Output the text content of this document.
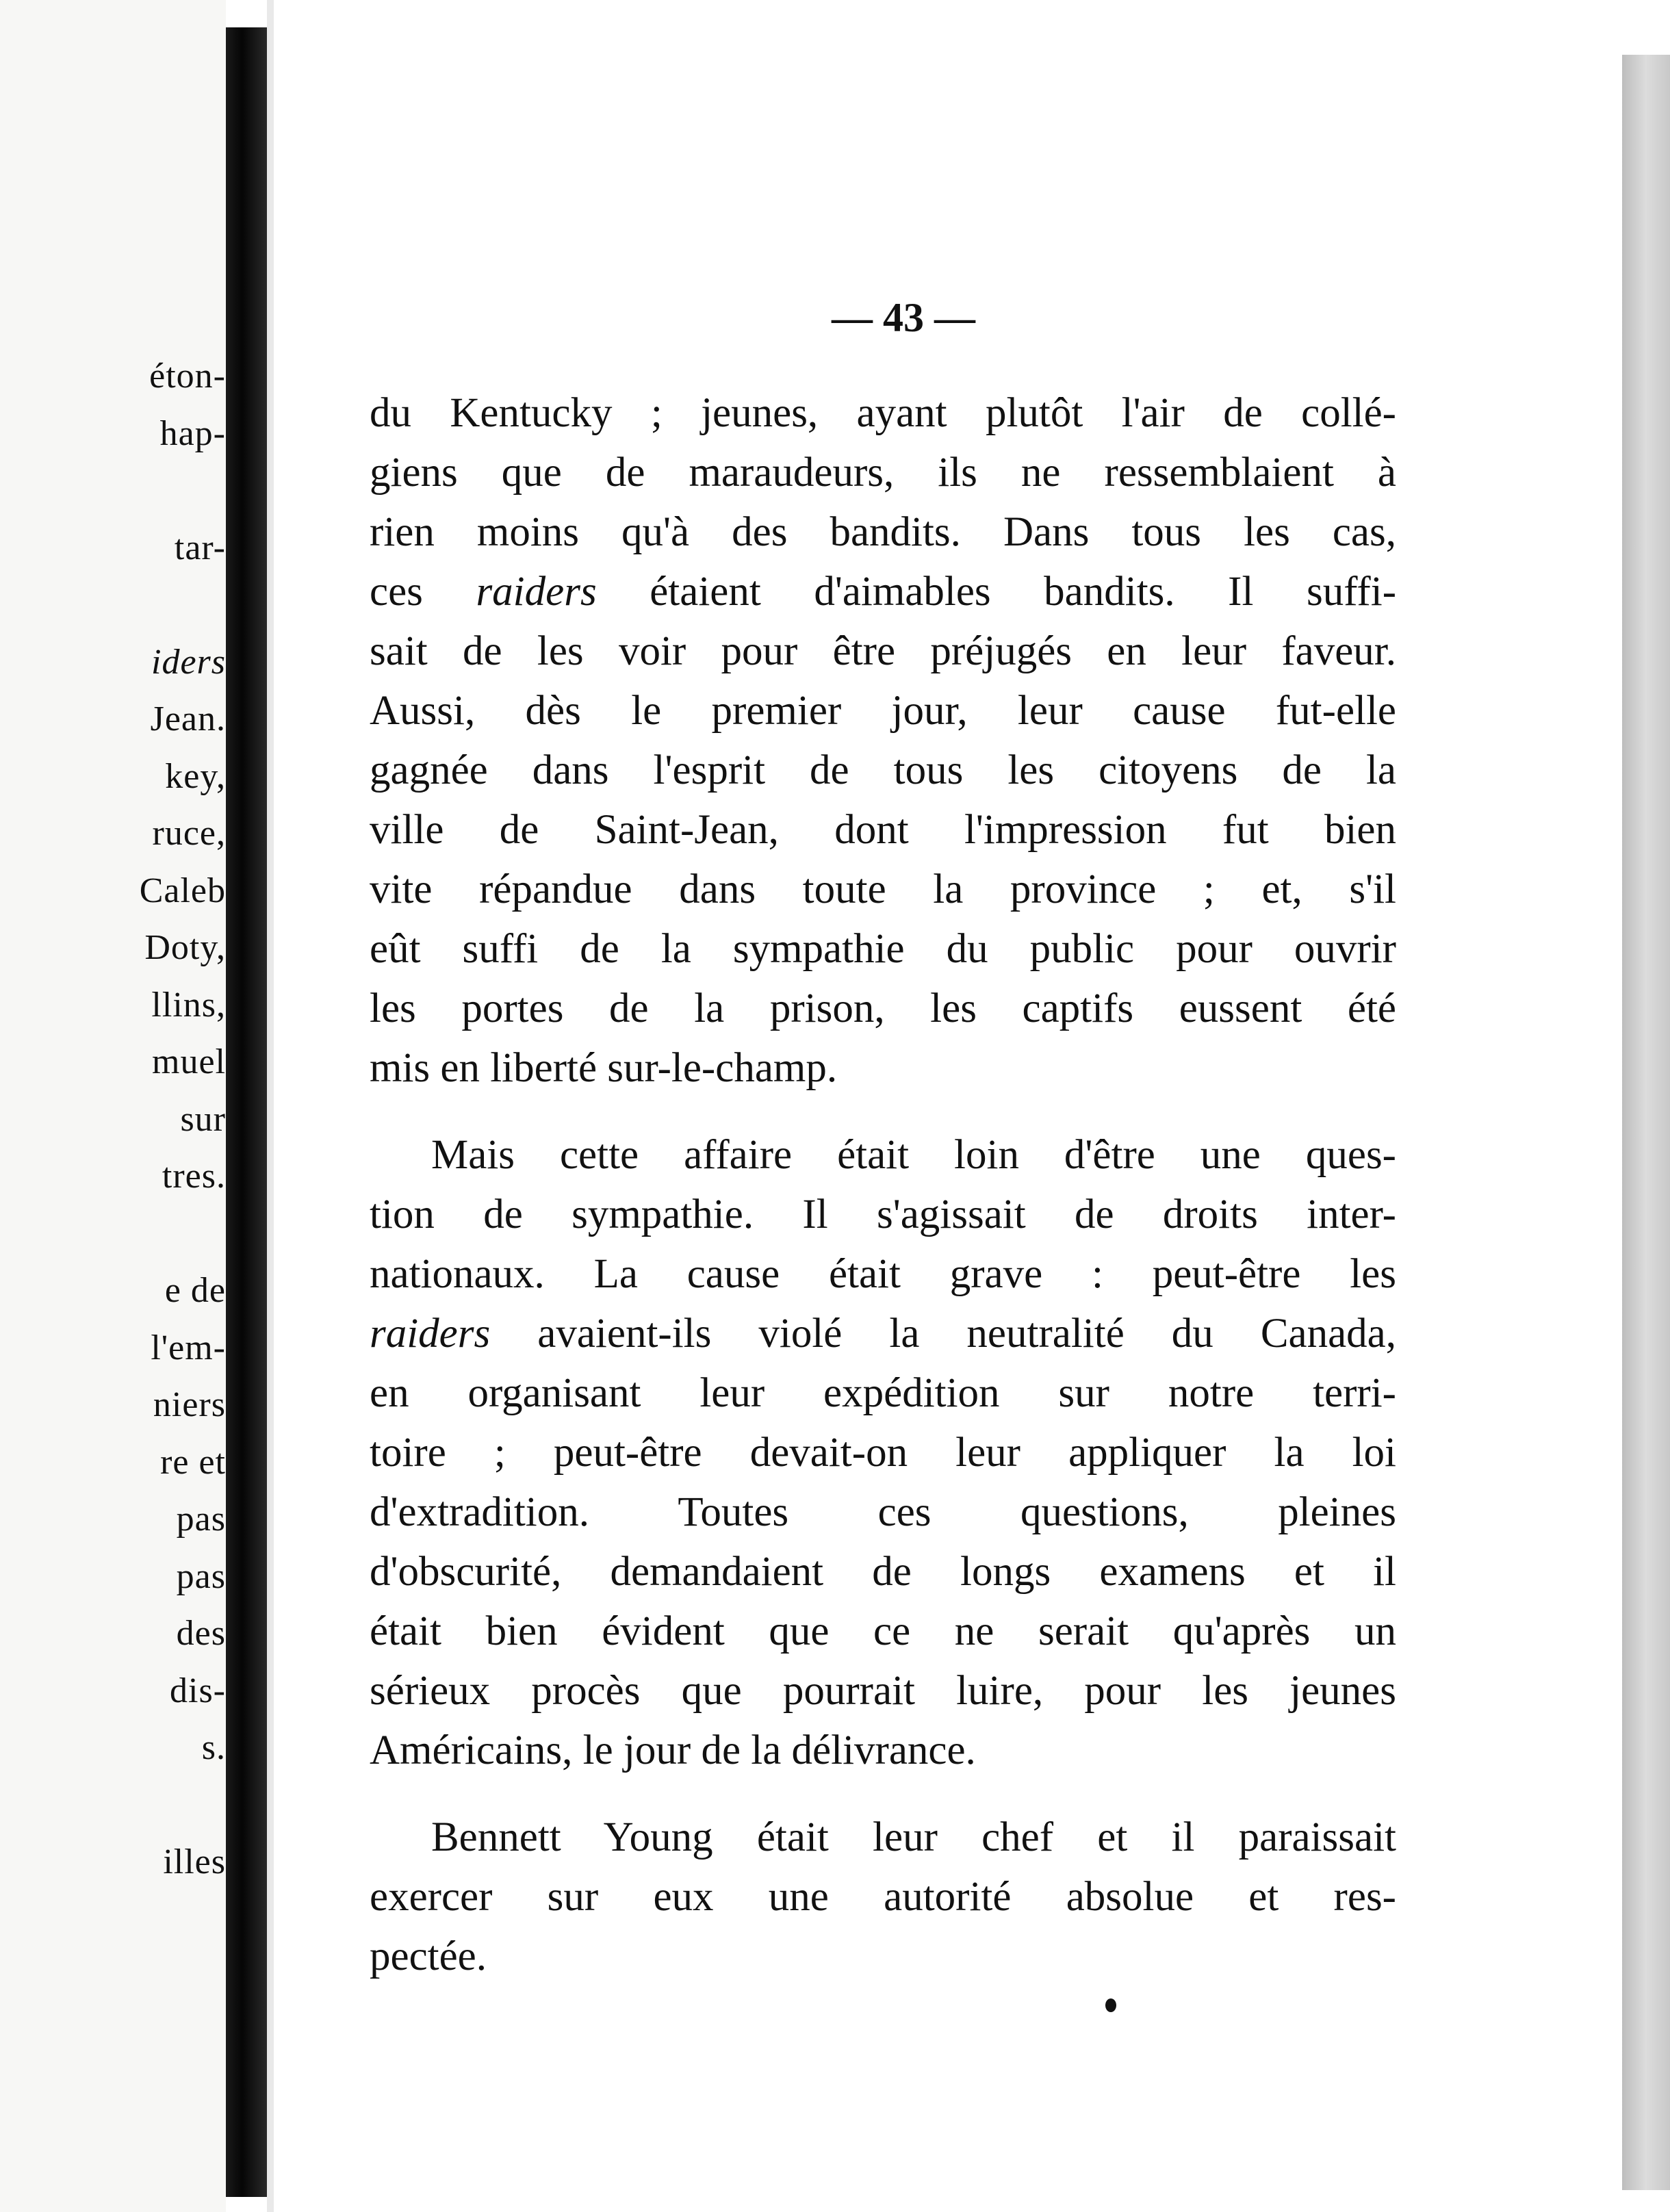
éton-
hap-
tar-
iders
Jean.
key,
ruce,
Caleb
Doty,
llins,
muel
sur
tres.
e de
l'em-
niers
re et
pas
pas
des
dis-
s.
illes
— 43 —

du Kentucky ; jeunes, ayant plutôt l'air de collé-

giens que de maraudeurs, ils ne ressemblaient à

rien moins qu'à des bandits. Dans tous les cas,

ces raiders étaient d'aimables bandits. Il suffi-

sait de les voir pour être préjugés en leur faveur.

Aussi, dès le premier jour, leur cause fut-elle

gagnée dans l'esprit de tous les citoyens de la

ville de Saint-Jean, dont l'impression fut bien

vite répandue dans toute la province ; et, s'il

eût suffi de la sympathie du public pour ouvrir

les portes de la prison, les captifs eussent été

mis en liberté sur-le-champ.

Mais cette affaire était loin d'être une ques-

tion de sympathie. Il s'agissait de droits inter-

nationaux. La cause était grave : peut-être les

raiders avaient-ils violé la neutralité du Canada,

en organisant leur expédition sur notre terri-

toire ; peut-être devait-on leur appliquer la loi

d'extradition. Toutes ces questions, pleines

d'obscurité, demandaient de longs examens et il

était bien évident que ce ne serait qu'après un

sérieux procès que pourrait luire, pour les jeunes

Américains, le jour de la délivrance.

Bennett Young était leur chef et il paraissait

exercer sur eux une autorité absolue et res-

pectée.
